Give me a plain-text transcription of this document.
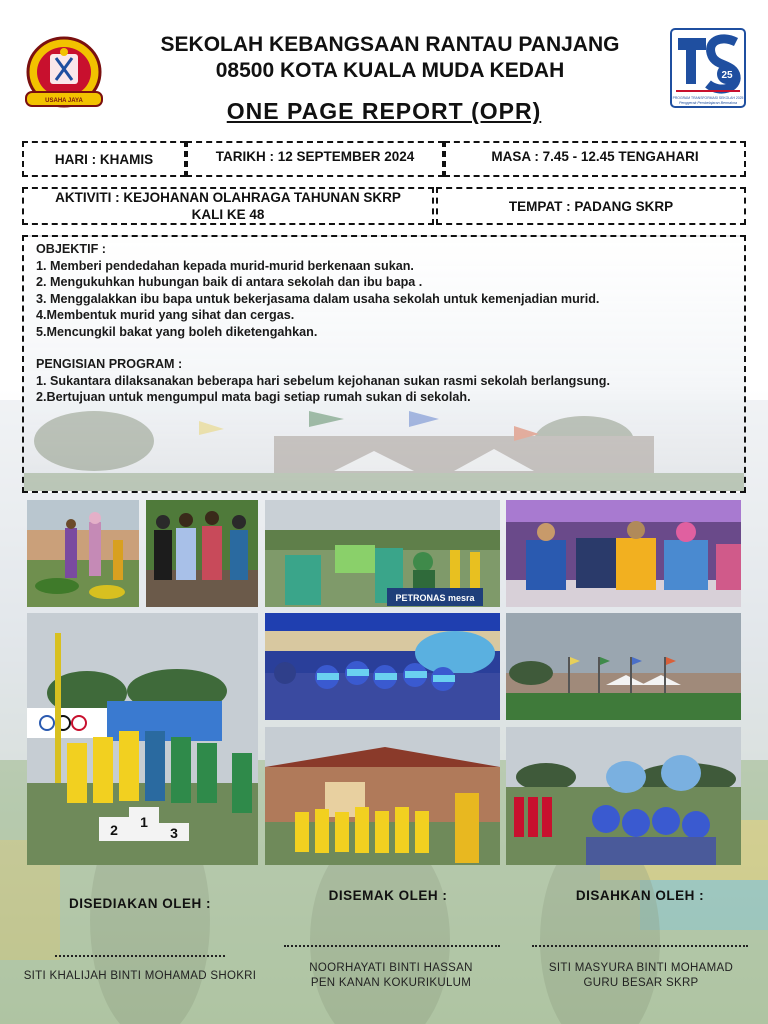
USAHA JAYA
SEKOLAH KEBANGSAAN RANTAU PANJANG
08500 KOTA KUALA MUDA KEDAH	25
PROGRAM TRANSFORMASI SEKOLAH 2025
Penggerak Pembelajaran Bermakna
ONE PAGE REPORT (OPR)
HARI : KHAMIS	TARIKH : 12 SEPTEMBER 2024	MASA : 7.45 - 12.45 TENGAHARI
AKTIVITI : KEJOHANAN OLAHRAGA TAHUNAN SKRP
KALI KE 48
TEMPAT : PADANG SKRP
OBJEKTIF :
1. Memberi pendedahan kepada murid-murid berkenaan sukan.
2. Mengukuhkan hubungan baik di antara sekolah dan ibu bapa .
3. Menggalakkan ibu bapa untuk bekerjasama dalam usaha sekolah untuk kemenjadian murid.
4.Membentuk murid yang sihat dan cergas.
5.Mencungkil bakat yang boleh diketengahkan.
PENGISIAN PROGRAM :
1. Sukantara dilaksanakan beberapa hari sebelum kejohanan sukan rasmi sekolah berlangsung.
2.Bertujuan untuk mengumpul mata bagi setiap rumah sukan di sekolah.
PETRONAS mesra
2 1
3
DISEDIAKAN OLEH :
SITI KHALIJAH BINTI MOHAMAD SHOKRI
DISEMAK OLEH :
NOORHAYATI BINTI HASSAN
PEN KANAN KOKURIKULUM
DISAHKAN OLEH :
SITI MASYURA BINTI MOHAMAD
GURU BESAR SKRP
